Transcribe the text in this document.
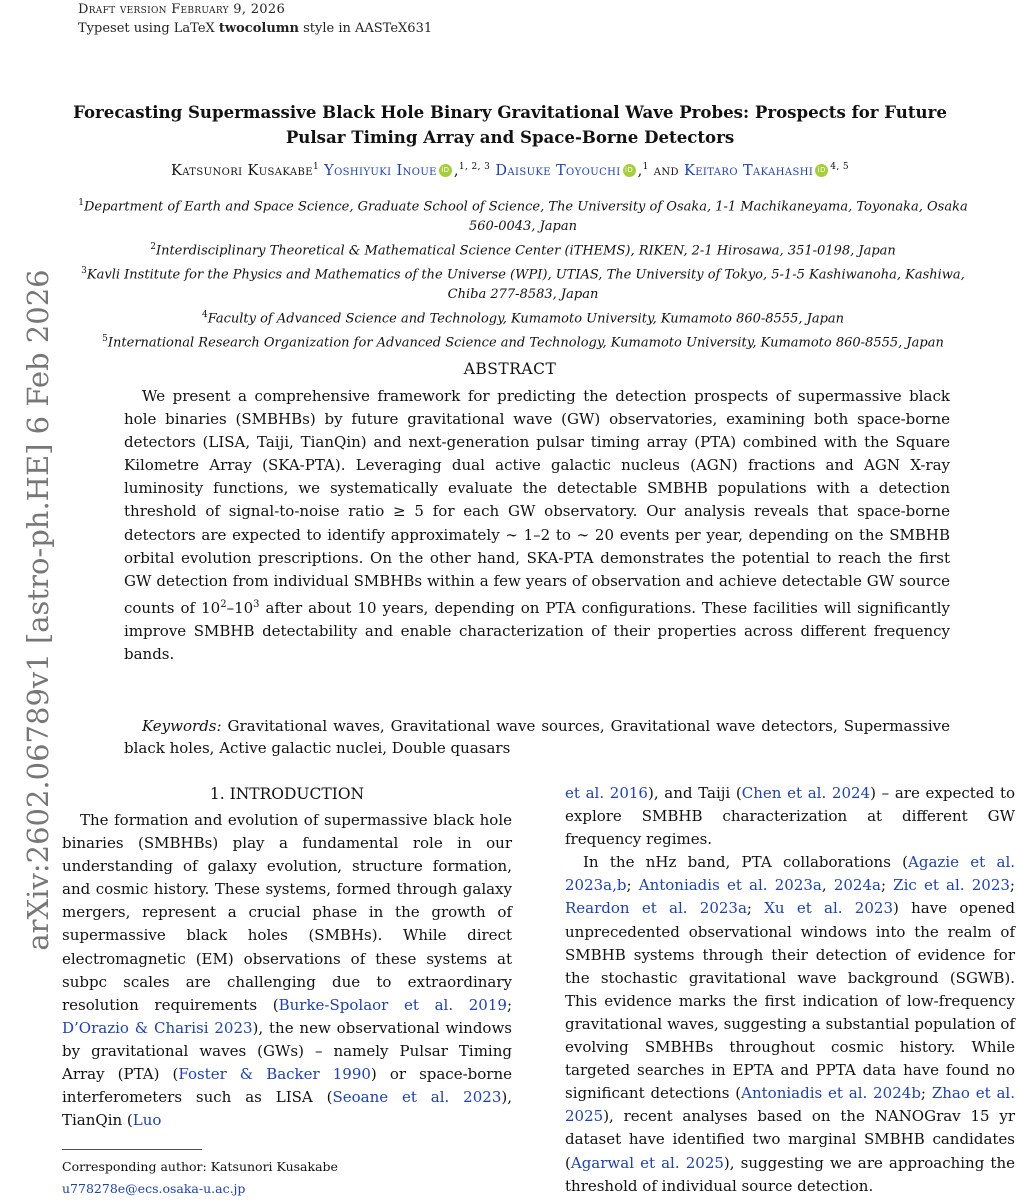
Draft version February 9, 2026
Typeset using LaTeX twocolumn style in AASTeX631
arXiv:2602.06789v1 [astro-ph.HE] 6 Feb 2026
Forecasting Supermassive Black Hole Binary Gravitational Wave Probes: Prospects for Future Pulsar Timing Array and Space-Borne Detectors
Katsunori Kusakabe$^1$ Yoshiyuki Inoue iD ,$^{1, 2, 3}$ Daisuke Toyouchi iD ,$^1$ and Keitaro Takahashi iD $^{4, 5}$

$^1$Department of Earth and Space Science, Graduate School of Science, The University of Osaka, 1-1 Machikaneyama, Toyonaka, Osaka 560-0043, Japan

$^2$Interdisciplinary Theoretical & Mathematical Science Center (iTHEMS), RIKEN, 2-1 Hirosawa, 351-0198, Japan

$^3$Kavli Institute for the Physics and Mathematics of the Universe (WPI), UTIAS, The University of Tokyo, 5-1-5 Kashiwanoha, Kashiwa, Chiba 277-8583, Japan

$^4$Faculty of Advanced Science and Technology, Kumamoto University, Kumamoto 860-8555, Japan

$^5$International Research Organization for Advanced Science and Technology, Kumamoto University, Kumamoto 860-8555, Japan

ABSTRACT
We present a comprehensive framework for predicting the detection prospects of supermassive black hole binaries (SMBHBs) by future gravitational wave (GW) observatories, examining both space-borne detectors (LISA, Taiji, TianQin) and next-generation pulsar timing array (PTA) combined with the Square Kilometre Array (SKA-PTA). Leveraging dual active galactic nucleus (AGN) fractions and AGN X-ray luminosity functions, we systematically evaluate the detectable SMBHB populations with a detection threshold of signal-to-noise ratio ≥ 5 for each GW observatory. Our analysis reveals that space-borne detectors are expected to identify approximately ∼ 1–2 to ∼ 20 events per year, depending on the SMBHB orbital evolution prescriptions. On the other hand, SKA-PTA demonstrates the potential to reach the first GW detection from individual SMBHBs within a few years of observation and achieve detectable GW source counts of $10^2-10^3$ after about 10 years, depending on PTA configurations. These facilities will significantly improve SMBHB detectability and enable characterization of their properties across different frequency bands.
Keywords: Gravitational waves, Gravitational wave sources, Gravitational wave detectors, Supermassive black holes, Active galactic nuclei, Double quasars
1. INTRODUCTION

The formation and evolution of supermassive black hole binaries (SMBHBs) play a fundamental role in our understanding of galaxy evolution, structure formation, and cosmic history. These systems, formed through galaxy mergers, represent a crucial phase in the growth of supermassive black holes (SMBHs). While direct electromagnetic (EM) observations of these systems at subpc scales are challenging due to extraordinary resolution requirements (Burke-Spolaor et al. 2019; D’Orazio & Charisi 2023), the new observational windows by gravitational waves (GWs) – namely Pulsar Timing Array (PTA) (Foster & Backer 1990) or space-borne interferometers such as LISA (Seoane et al. 2023), TianQin (Luo

et al. 2016), and Taiji (Chen et al. 2024) – are expected to explore SMBHB characterization at different GW frequency regimes.

In the nHz band, PTA collaborations (Agazie et al. 2023a,b; Antoniadis et al. 2023a, 2024a; Zic et al. 2023; Reardon et al. 2023a; Xu et al. 2023) have opened unprecedented observational windows into the realm of SMBHB systems through their detection of evidence for the stochastic gravitational wave background (SGWB). This evidence marks the first indication of low-frequency gravitational waves, suggesting a substantial population of evolving SMBHBs throughout cosmic history. While targeted searches in EPTA and PPTA data have found no significant detections (Antoniadis et al. 2024b; Zhao et al. 2025), recent analyses based on the NANOGrav 15 yr dataset have identified two marginal SMBHB candidates (Agarwal et al. 2025), suggesting we are approaching the threshold of individual source detection.

Corresponding author: Katsunori Kusakabe
u778278e@ecs.osaka-u.ac.jp
